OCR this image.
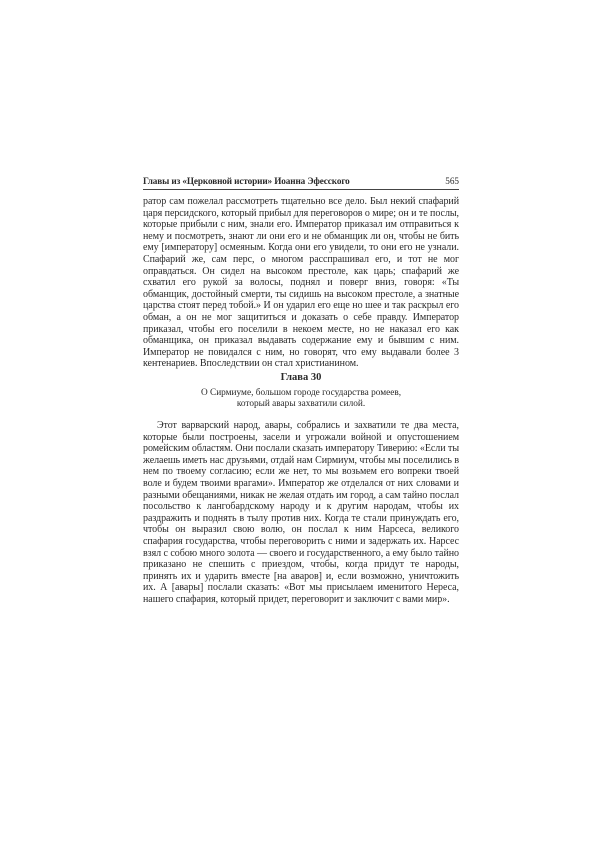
Главы из «Церковной истории» Иоанна Эфесского	565

ратор сам пожелал рассмотреть тщательно все дело. Был некий спафарий царя персидского, который прибыл для переговоров о мире; он и те послы, которые прибыли с ним, знали его. Император приказал им отправиться к нему и посмотреть, знают ли они его и не обманщик ли он, чтобы не бить ему [императору] осмеяным. Когда они его увидели, то они его не узнали. Спафарий же, сам перс, о многом расспрашивал его, и тот не мог оправдаться. Он сидел на высоком престоле, как царь; спафарий же схватил его рукой за волосы, поднял и поверг вниз, говоря: «Ты обманщик, достойный смерти, ты сидишь на высоком престоле, а знатные царства стоят перед тобой.» И он ударил его еще но шее и так раскрыл его обман, а он не мог защититься и доказать о себе правду. Император приказал, чтобы его поселили в некоем месте, но не наказал его как обманщика, он приказал выдавать содержание ему и бывшим с ним. Император не повидался с ним, но говорят, что ему выдавали более 3 кентенариев. Впоследствии он стал христианином.

Глава 30
О Сирмиуме, большом городе государства ромеев,
который авары захватили силой.

Этот варварский народ, авары, собрались и захватили те два места, которые были построены, засели и угрожали войной и опустошением ромейским областям. Они послали сказать императору Тиверию: «Если ты желаешь иметь нас друзьями, отдай нам Сирмиум, чтобы мы поселились в нем по твоему согласию; если же нет, то мы возьмем его вопреки твоей воле и будем твоими врагами». Император же отделался от них словами и разными обещаниями, никак не желая отдать им город, а сам тайно послал посольство к лангобардскому народу и к другим народам, чтобы их раздражить и поднять в тылу против них. Когда те стали принуждать его, чтобы он выразил свою волю, он послал к ним Нарсеса, великого спафария государства, чтобы переговорить с ними и задержать их. Нарсес взял с собою много золота — своего и государственного, а ему было тайно приказано не спешить с приездом, чтобы, когда придут те народы, принять их и ударить вместе [на аваров] и, если возможно, уничтожить их. А [авары] послали сказать: «Вот мы присылаем именитого Нереса, нашего спафария, который придет, переговорит и заключит с вами мир».
